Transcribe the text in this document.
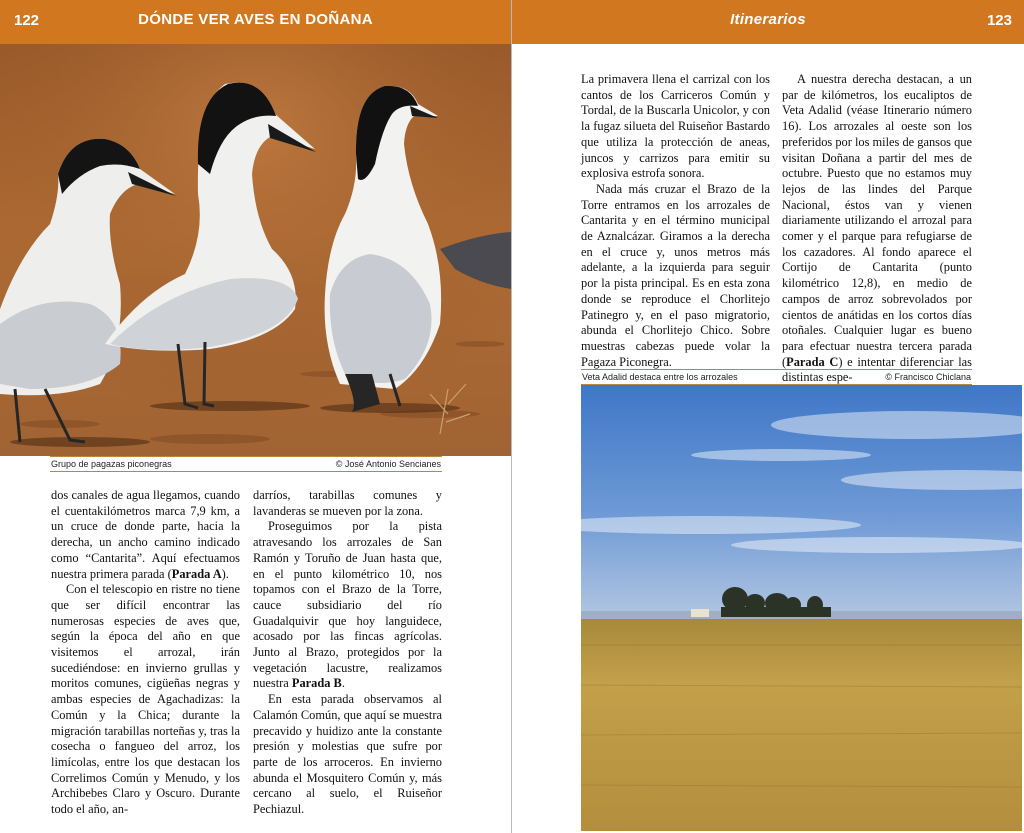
122	DÓNDE VER AVES EN DOÑANA
Grupo de pagazas piconegras	© José Antonio Sencianes

dos canales de agua llegamos, cuando el cuentakilómetros marca 7,9 km, a un cruce de donde parte, hacia la derecha, un ancho camino indicado como “Cantarita”. Aquí efectuamos nuestra primera parada (Parada A).

Con el telescopio en ristre no tiene que ser difícil encontrar las numerosas especies de aves que, según la época del año en que visitemos el arrozal, irán sucediéndose: en invierno grullas y moritos comunes, cigüeñas negras y ambas especies de Agachadizas: la Común y la Chica; durante la migración tarabillas norteñas y, tras la cosecha o fangueo del arroz, los limícolas, entre los que destacan los Correlimos Común y Menudo, y los Archibebes Claro y Oscuro. Durante todo el año, an-

darríos, tarabillas comunes y lavanderas se mueven por la zona.

Proseguimos por la pista atravesando los arrozales de San Ramón y Toruño de Juan hasta que, en el punto kilométrico 10, nos topamos con el Brazo de la Torre, cauce subsidiario del río Guadalquivir que hoy languidece, acosado por las fincas agrícolas. Junto al Brazo, protegidos por la vegetación lacustre, realizamos nuestra Parada B.

En esta parada observamos al Calamón Común, que aquí se muestra precavido y huidizo ante la constante presión y molestias que sufre por parte de los arroceros. En invierno abunda el Mosquitero Común y, más cercano al suelo, el Ruiseñor Pechiazul.

Itinerarios	123

La primavera llena el carrizal con los cantos de los Carriceros Común y Tordal, de la Buscarla Unicolor, y con la fugaz silueta del Ruiseñor Bastardo que utiliza la protección de aneas, juncos y carrizos para emitir su explosiva estrofa sonora.

Nada más cruzar el Brazo de la Torre entramos en los arrozales de Cantarita y en el término municipal de Aznalcázar. Giramos a la derecha en el cruce y, unos metros más adelante, a la izquierda para seguir por la pista principal. Es en esta zona donde se reproduce el Chorlitejo Patinegro y, en el paso migratorio, abunda el Chorlitejo Chico. Sobre muestras cabezas puede volar la Pagaza Piconegra.

A nuestra derecha destacan, a un par de kilómetros, los eucaliptos de Veta Adalid (véase Itinerario número 16). Los arrozales al oeste son los preferidos por los miles de gansos que visitan Doñana a partir del mes de octubre. Puesto que no estamos muy lejos de las lindes del Parque Nacional, éstos van y vienen diariamente utilizando el arrozal para comer y el parque para refugiarse de los cazadores. Al fondo aparece el Cortijo de Cantarita (punto kilométrico 12,8), en medio de campos de arroz sobrevolados por cientos de anátidas en los cortos días otoñales. Cualquier lugar es bueno para efectuar nuestra tercera parada (Parada C) e intentar diferenciar las distintas espe-

Veta Adalid destaca entre los arrozales	© Francisco Chiclana
